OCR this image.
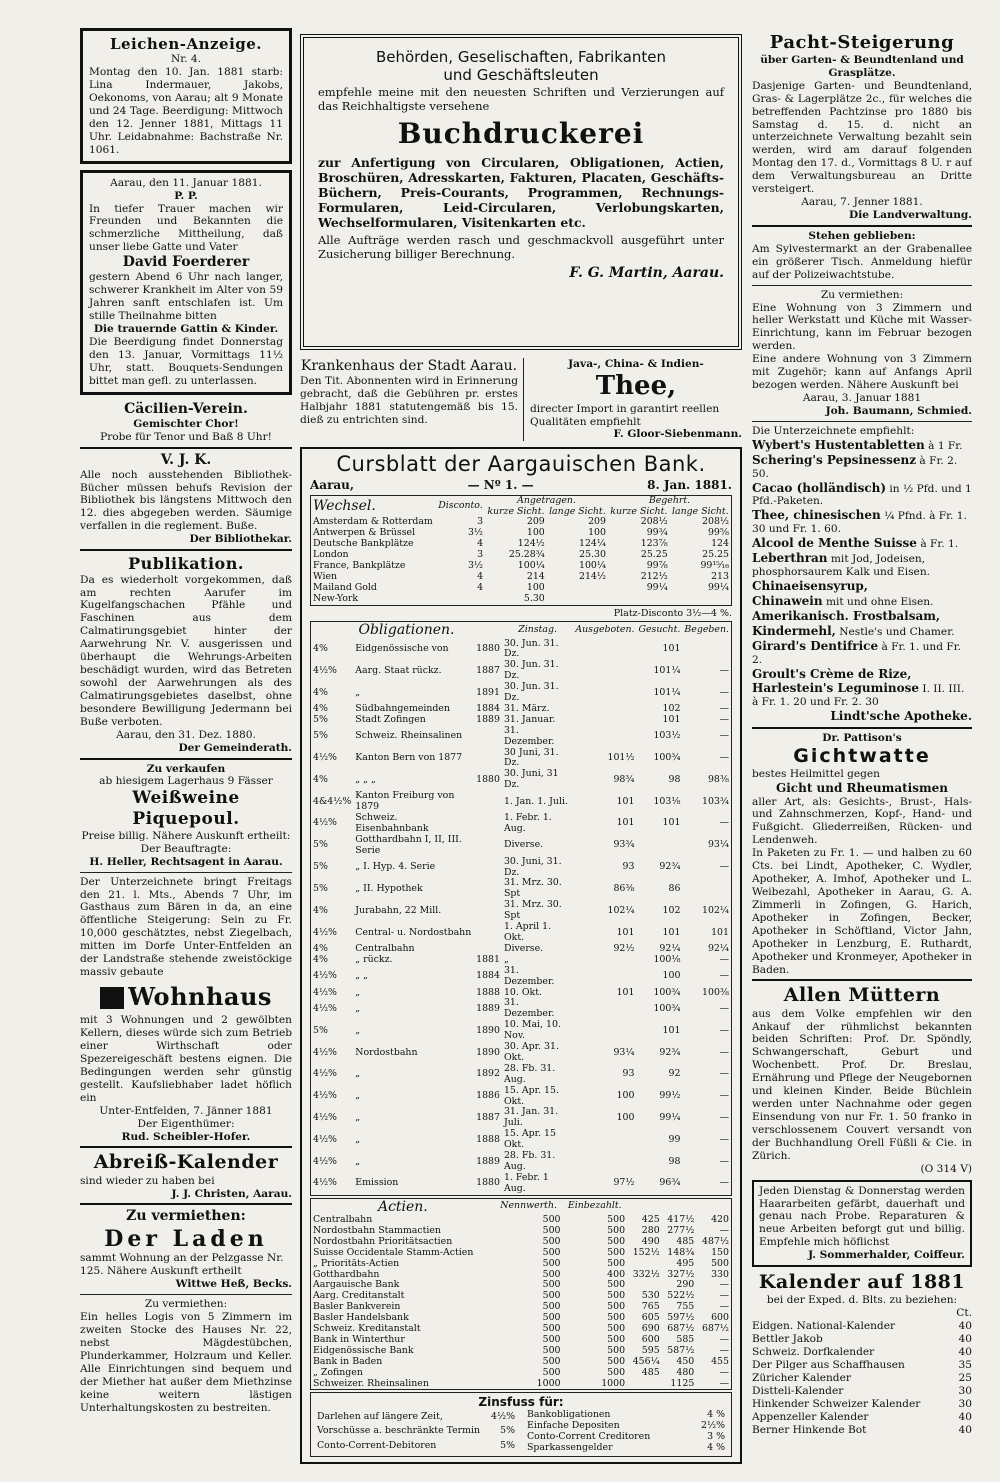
Leichen-Anzeige.

Nr. 4.

Montag den 10. Jan. 1881 starb: Lina Indermauer, Jakobs, Oekonoms, von Aarau; alt 9 Monate und 24 Tage. Beerdigung: Mittwoch den 12. Jenner 1881, Mittags 11 Uhr. Leidabnahme: Bachstraße Nr. 1061.

Aarau, den 11. Januar 1881.

P. P.

In tiefer Trauer machen wir Freunden und Bekannten die schmerzliche Mittheilung, daß unser liebe Gatte und Vater

David Foerderer

gestern Abend 6 Uhr nach langer, schwerer Krankheit im Alter von 59 Jahren sanft entschlafen ist. Um stille Theilnahme bitten

Die trauernde Gattin & Kinder.

Die Beerdigung findet Donnerstag den 13. Januar, Vormittags 11½ Uhr, statt. Bouquets-Sendungen bittet man gefl. zu unterlassen.

Cäcilien-Verein.

Gemischter Chor!

Probe für Tenor und Baß 8 Uhr!

V. J. K.

Alle noch ausstehenden Bibliothek-Bücher müssen behufs Revision der Bibliothek bis längstens Mittwoch den 12. dies abgegeben werden. Säumige verfallen in die reglement. Buße.

Der Bibliothekar.

Publikation.

Da es wiederholt vorgekommen, daß am rechten Aarufer im Kugelfangschachen Pfähle und Faschinen aus dem Calmatirungsgebiet hinter der Aarwehrung Nr. V. ausgerissen und überhaupt die Wehrungs-Arbeiten beschädigt wurden, wird das Betreten sowohl der Aarwehrungen als des Calmatirungsgebietes daselbst, ohne besondere Bewilligung Jedermann bei Buße verboten.

Aarau, den 31. Dez. 1880.

Der Gemeinderath.

Zu verkaufen

ab hiesigem Lagerhaus 9 Fässer

Weißweine Piquepoul.

Preise billig. Nähere Auskunft ertheilt: Der Beauftragte:

H. Heller, Rechtsagent in Aarau.

Der Unterzeichnete bringt Freitags den 21. l. Mts., Abends 7 Uhr, im Gasthaus zum Bären in da, an eine öffentliche Steigerung: Sein zu Fr. 10,000 geschätztes, nebst Ziegelbach, mitten im Dorfe Unter-Entfelden an der Landstraße stehende zweistöckige massiv gebaute

Wohnhaus

mit 3 Wohnungen und 2 gewölbten Kellern, dieses würde sich zum Betrieb einer Wirthschaft oder Spezereigeschäft bestens eignen. Die Bedingungen werden sehr günstig gestellt. Kaufsliebhaber ladet höflich ein

Unter-Entfelden, 7. Jänner 1881

Der Eigenthümer:

Rud. Scheibler-Hofer.

Abreiß-Kalender

sind wieder zu haben bei

J. J. Christen, Aarau.

Zu vermiethen:

Der Laden

sammt Wohnung an der Pelzgasse Nr. 125. Nähere Auskunft ertheilt

Wittwe Heß, Becks.

Zu vermiethen:

Ein helles Logis von 5 Zimmern im zweiten Stocke des Hauses Nr. 22, nebst Mägdestübchen, Plunderkammer, Holzraum und Keller. Alle Einrichtungen sind bequem und der Miether hat außer dem Miethzinse keine weitern lästigen Unterhaltungskosten zu bestreiten.

Behörden, Geselischaften, Fabrikanten

und Geschäftsleuten

empfehle meine mit den neuesten Schriften und Verzierungen auf das Reichhaltigste versehene

Buchdruckerei

zur Anfertigung von Circularen, Obligationen, Actien, Broschüren, Adresskarten, Fakturen, Placaten, Geschäfts-Büchern, Preis-Courants, Programmen, Rechnungs-Formularen, Leid-Circularen, Verlobungskarten, Wechselformularen, Visitenkarten etc.

Alle Aufträge werden rasch und geschmackvoll ausgeführt unter Zusicherung billiger Berechnung.

F. G. Martin, Aarau.

Krankenhaus der Stadt Aarau.

Den Tit. Abonnenten wird in Erinnerung gebracht, daß die Gebühren pr. erstes Halbjahr 1881 statutengemäß bis 15. dieß zu entrichten sind.

Java-, China- & Indien-

Thee,

directer Import in garantirt reellen Qualitäten empfiehlt

F. Gloor-Siebenmann.

Cursblatt der Aargauischen Bank.

Aarau,	— Nº 1. —	8. Jan. 1881.
Wechsel.	Disconto.	Angetragen.		Begehrt.	
		kurze Sicht.	lange Sicht.	kurze Sicht.	lange Sicht.
Amsterdam & Rotterdam	3	209	209	208½	208½
Antwerpen & Brüssel	3½	100	100	99¾	99⅝
Deutsche Bankplätze	4	124½	124¼	123⅞	124
London	3	25.28¾	25.30	25.25	25.25
France, Bankplätze	3½	100¼	100¼	99⅞	99¹⁵⁄₁₆
Wien	4	214	214½	212½	213
Mailand Gold	4	100		99¼	99¼
New-York		5.30			

Platz-Disconto 3½—4 %.

Obligationen.			Zinstag.	Ausgeboten.	Gesucht.	Begeben.
4%	Eidgenössische von	1880	30. Jun. 31. Dz.		101	
4½%	Aarg. Staat rückz.	1887	30. Jun. 31. Dz.		101¼	—
4%	„	1891	30. Jun. 31. Dz.		101¼	—
4%	Südbahngemeinden	1884	31. März.		102	—
5%	Stadt Zofingen	1889	31. Januar.		101	—
5%	Schweiz. Rheinsalinen		31. Dezember.		103½	—
4½%	Kanton Bern von 1877		30 Juni, 31. Dz.	101½	100¾	—
4%	„ „ „	1880	30. Juni, 31 Dz.	98¾	98	98⅜
4&4½%	Kanton Freiburg von 1879		1. Jan. 1. Juli.	101	103⅛	103¾
4½%	Schweiz. Eisenbahnbank		1. Febr. 1. Aug.	101	101	—
5%	Gotthardbahn I, II, III. Serie		Diverse.	93¾		93¼
5%	„ I. Hyp. 4. Serie		30. Juni, 31. Dz.	93	92¾	—
5%	„ II. Hypothek		31. Mrz. 30. Spt	86⅜	86	
4%	Jurabahn, 22 Mill.		31. Mrz. 30. Spt	102¼	102	102¼
4½%	Central- u. Nordostbahn		1. April 1. Okt.	101	101	101
4%	Centralbahn		Diverse.	92½	92¼	92¼
4%	„ rückz.	1881	„		100⅛	—
4½%	„ „	1884	31. Dezember.		100	—
4½%	„	1888	10. Okt.	101	100¾	100⅜
4½%	„	1889	31. Dezember.		100¾	—
5%	„	1890	10. Mai, 10. Nov.		101	—
4½%	Nordostbahn	1890	30. Apr. 31. Okt.	93¼	92¾	—
4½%	„	1892	28. Fb. 31. Aug.	93	92	—
4½%	„	1886	15. Apr. 15. Okt.	100	99½	—
4½%	„	1887	31. Jan. 31. Juli.	100	99¼	—
4½%	„	1888	15. Apr. 15 Okt.		99	—
4½%	„	1889	28. Fb. 31. Aug.		98	—
4½%	Emission	1880	1. Febr. 1 Aug.	97½	96¾	—
Actien.	Nennwerth.	Einbezahlt.			
Centralbahn	500	500	425	417½	420
Nordostbahn Stammactien	500	500	280	277½	—
Nordostbahn Prioritätsactien	500	500	490	485	487½
Suisse Occidentale Stamm-Actien	500	500	152½	148¾	150
„ Prioritäts-Actien	500	500		495	500
Gotthardbahn	500	400	332½	327½	330
Aargauische Bank	500	500		290	—
Aarg. Creditanstalt	500	500	530	522½	—
Basler Bankverein	500	500	765	755	—
Basler Handelsbank	500	500	605	597½	600
Schweiz. Kreditanstalt	500	500	690	687½	687½
Bank in Winterthur	500	500	600	585	—
Eidgenössische Bank	500	500	595	587½	—
Bank in Baden	500	500	456¼	450	455
„ Zofingen	500	500	485	480	—
Schweizer. Rheinsalinen	1000	1000		1125	—

Zinsfuss für:

Darlehen auf längere Zeit,	4½%
Vorschüsse a. beschränkte Termin	5%
Conto-Corrent-Debitoren	5%
Bankobligationen	4 %
Einfache Depositen	2½%
Conto-Corrent Creditoren	3 %
Sparkassengelder	4 %

Pacht-Steigerung

über Garten- & Beundtenland und Grasplätze.

Dasjenige Garten- und Beundtenland, Gras- & Lagerplätze 2c., für welches die betreffenden Pachtzinse pro 1880 bis Samstag d. 15. d. nicht an unterzeichnete Verwaltung bezahlt sein werden, wird am darauf folgenden Montag den 17. d., Vormittags 8 U. r auf dem Verwaltungsbureau an Dritte versteigert.

Aarau, 7. Jenner 1881.

Die Landverwaltung.

Stehen geblieben:

Am Sylvestermarkt an der Grabenallee ein größerer Tisch. Anmeldung hiefür auf der Polizeiwachtstube.

Zu vermiethen:

Eine Wohnung von 3 Zimmern und heller Werkstatt und Küche mit Wasser-Einrichtung, kann im Februar bezogen werden.

Eine andere Wohnung von 3 Zimmern mit Zugehör; kann auf Anfangs April bezogen werden. Nähere Auskunft bei

Aarau, 3. Januar 1881

Joh. Baumann, Schmied.

Die Unterzeichnete empfiehlt:

Wybert's Hustentabletten à 1 Fr.

Schering's Pepsinessenz à Fr. 2. 50.

Cacao (holländisch) in ½ Pfd. und 1 Pfd.-Paketen.

Thee, chinesischen ¼ Pfnd. à Fr. 1. 30 und Fr. 1. 60.

Alcool de Menthe Suisse à Fr. 1.

Leberthran mit Jod, Jodeisen, phosphorsaurem Kalk und Eisen.

Chinaeisensyrup,

Chinawein mit und ohne Eisen.

Amerikanisch. Frostbalsam,

Kindermehl, Nestle's und Chamer.

Girard's Dentifrice à Fr. 1. und Fr. 2.

Groult's Crème de Rize,

Harlestein's Leguminose I. II. III. à Fr. 1. 20 und Fr. 2. 30

Lindt'sche Apotheke.

Dr. Pattison's

Gichtwatte

bestes Heilmittel gegen

Gicht und Rheumatismen

aller Art, als: Gesichts-, Brust-, Hals- und Zahnschmerzen, Kopf-, Hand- und Fußgicht. Gliederreißen, Rücken- und Lendenweh.

In Paketen zu Fr. 1. — und halben zu 60 Cts. bei Lindt, Apotheker, C. Wydler, Apotheker, A. Imhof, Apotheker und L. Weibezahl, Apotheker in Aarau, G. A. Zimmerli in Zofingen, G. Harich, Apotheker in Zofingen, Becker, Apotheker in Schöftland, Victor Jahn, Apotheker in Lenzburg, E. Ruthardt, Apotheker und Kronmeyer, Apotheker in Baden.

Allen Müttern

aus dem Volke empfehlen wir den Ankauf der rühmlichst bekannten beiden Schriften: Prof. Dr. Spöndly, Schwangerschaft, Geburt und Wochenbett. Prof. Dr. Breslau, Ernährung und Pflege der Neugebornen und kleinen Kinder. Beide Büchlein werden unter Nachnahme oder gegen Einsendung von nur Fr. 1. 50 franko in verschlossenem Couvert versandt von der Buchhandlung Orell Füßli & Cie. in Zürich.

(O 314 V)

Jeden Dienstag & Donnerstag werden Haararbeiten gefärbt, dauerhaft und genau nach Probe. Reparaturen & neue Arbeiten beforgt gut und billig. Empfehle mich höflichst

J. Sommerhalder, Coiffeur.

Kalender auf 1881

bei der Exped. d. Blts. zu beziehen:

Ct.
Eidgen. National-Kalender	40
Bettler Jakob	40
Schweiz. Dorfkalender	40
Der Pilger aus Schaffhausen	35
Züricher Kalender	25
Distteli-Kalender	30
Hinkender Schweizer Kalender	30
Appenzeller Kalender	40
Berner Hinkende Bot	40
